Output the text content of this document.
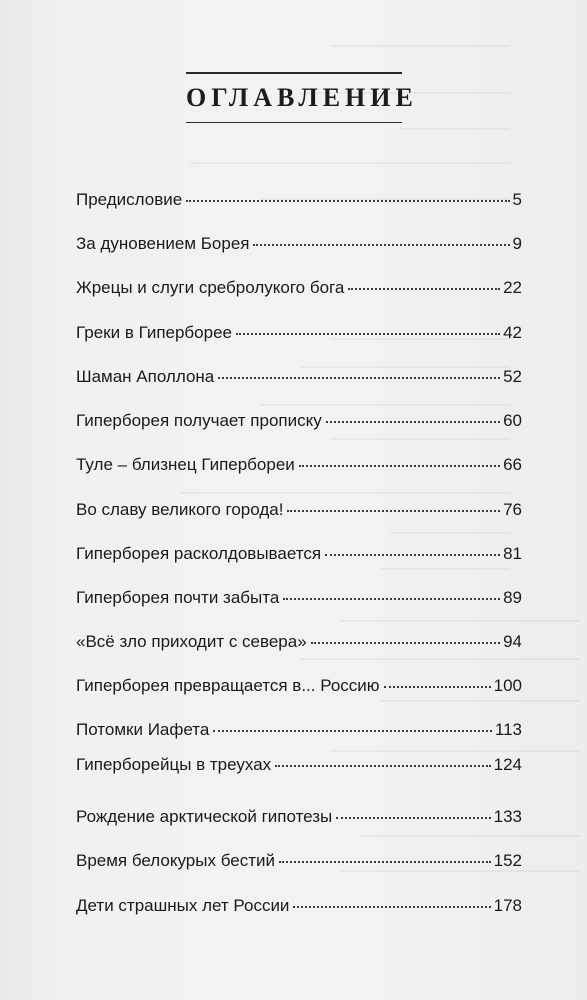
ОГЛАВЛЕНИЕ
Предисловие	5
За дуновением Борея	9
Жрецы и слуги сребролукого бога	22
Греки в Гиперборее	42
Шаман Аполлона	52
Гиперборея получает прописку	60
Туле – близнец Гипербореи	66
Во славу великого города!	76
Гиперборея расколдовывается	81
Гиперборея почти забыта	89
«Всё зло приходит с севера»	94
Гиперборея превращается в... Россию	100
Потомки Иафета	113
Гиперборейцы в треухах	124
Рождение арктической гипотезы	133
Время белокурых бестий	152
Дети страшных лет России	178
